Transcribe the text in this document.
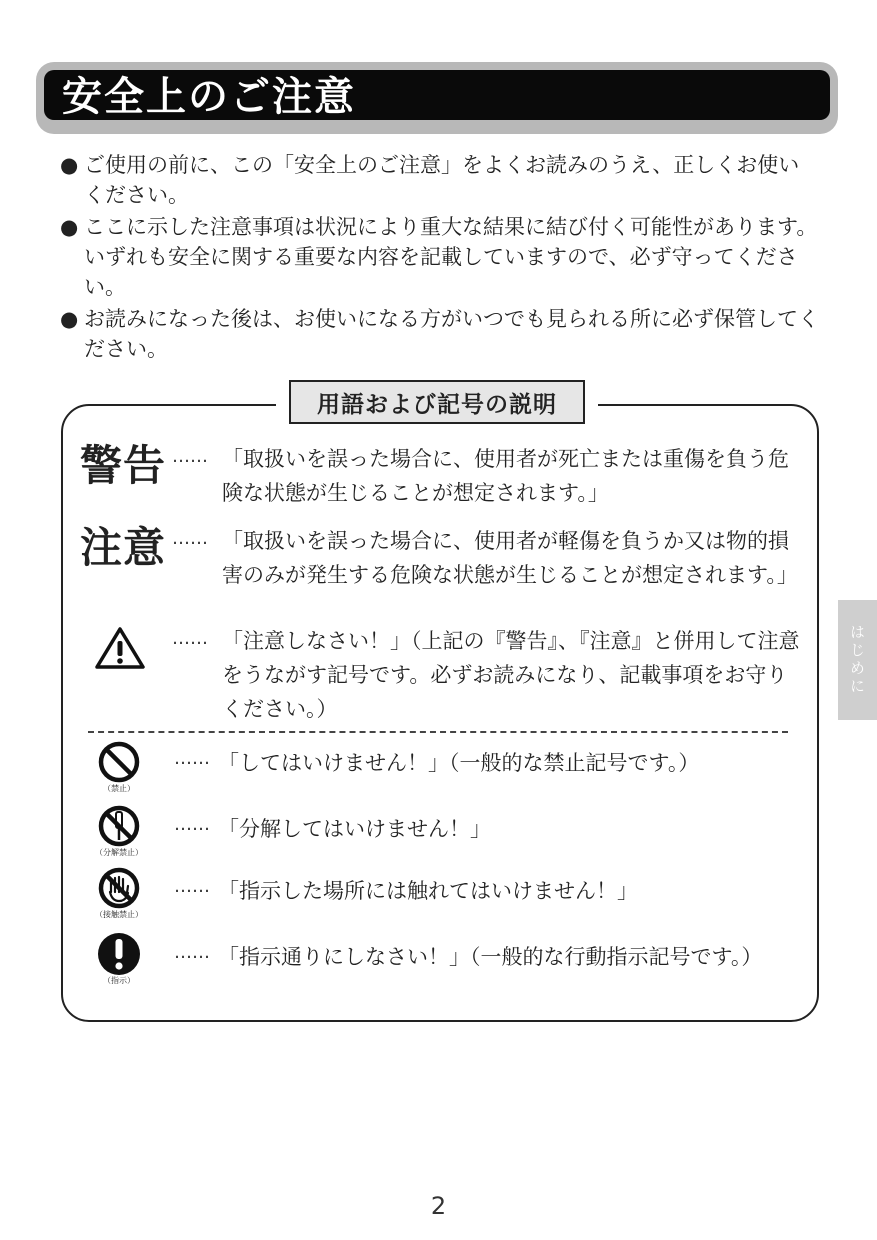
安全上のご注意
● ご使用の前に、この「安全上のご注意」をよくお読みのうえ、正しくお使いください。
● ここに示した注意事項は状況により重大な結果に結び付く可能性があります。いずれも安全に関する重要な内容を記載していますので、必ず守ってください。
● お読みになった後は、お使いになる方がいつでも見られる所に必ず保管してください。
用語および記号の説明
警告 …… 「取扱いを誤った場合に、使用者が死亡または重傷を負う危険な状態が生じることが想定されます。」
注意 …… 「取扱いを誤った場合に、使用者が軽傷を負うか又は物的損害のみが発生する危険な状態が生じることが想定されます。」
…… 「注意しなさい！」（上記の『警告』、『注意』と併用して注意をうながす記号です。必ずお読みになり、記載事項をお守りください。）
（禁止）
…… 「してはいけません！」（一般的な禁止記号です。）
（分解禁止）
…… 「分解してはいけません！」
（接触禁止）
…… 「指示した場所には触れてはいけません！」
（指示）
…… 「指示通りにしなさい！」（一般的な行動指示記号です。）
はじめに
2
